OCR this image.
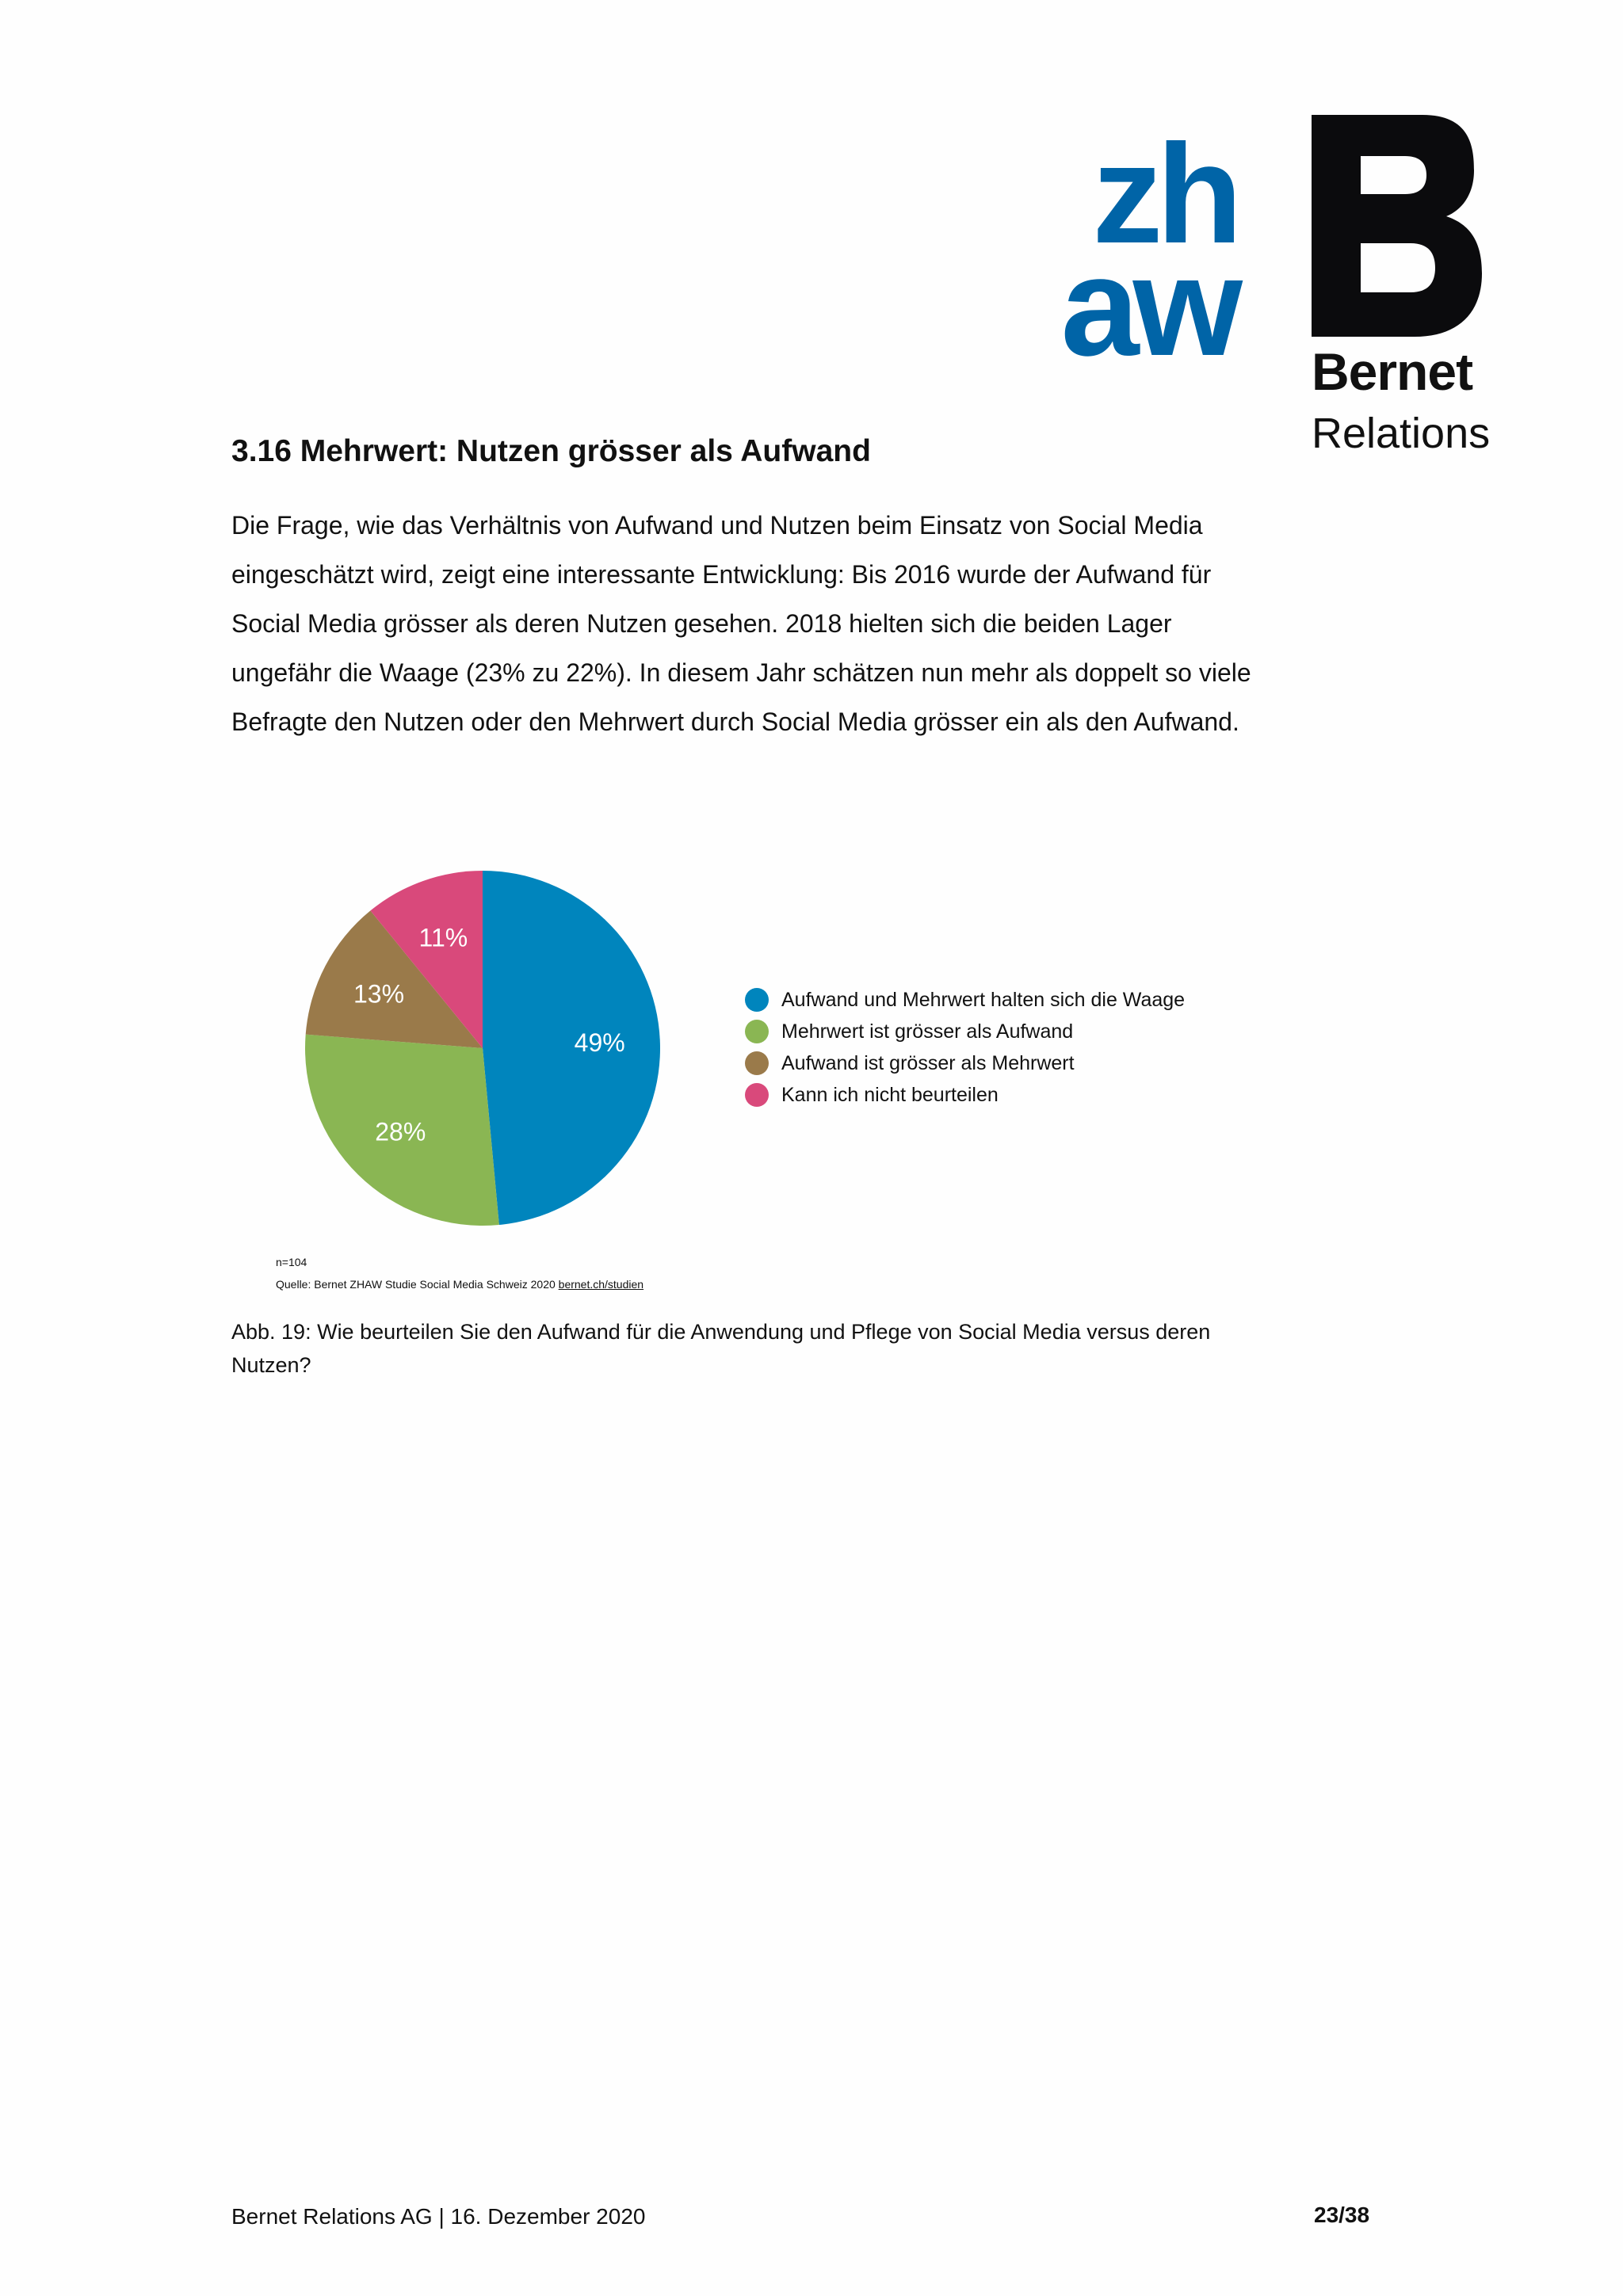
zh
aw Bernet
Relations
3.16 Mehrwert: Nutzen grösser als Aufwand

Die Frage, wie das Verhältnis von Aufwand und Nutzen beim Einsatz von Social Media eingeschätzt wird, zeigt eine interessante Entwicklung: Bis 2016 wurde der Aufwand für Social Media grösser als deren Nutzen gesehen. 2018 hielten sich die beiden Lager ungefähr die Waage (23% zu 22%). In diesem Jahr schätzen nun mehr als doppelt so viele Befragte den Nutzen oder den Mehrwert durch Social Media grösser ein als den Aufwand.

49%
28%
13%
11%
Aufwand und Mehrwert halten sich die Waage
Mehrwert ist grösser als Aufwand
Aufwand ist grösser als Mehrwert
Kann ich nicht beurteilen
n=104
Quelle: Bernet ZHAW Studie Social Media Schweiz 2020 bernet.ch/studien

Abb. 19: Wie beurteilen Sie den Aufwand für die Anwendung und Pflege von Social Media versus deren Nutzen?

Bernet Relations AG | 16. Dezember 2020	23/38
